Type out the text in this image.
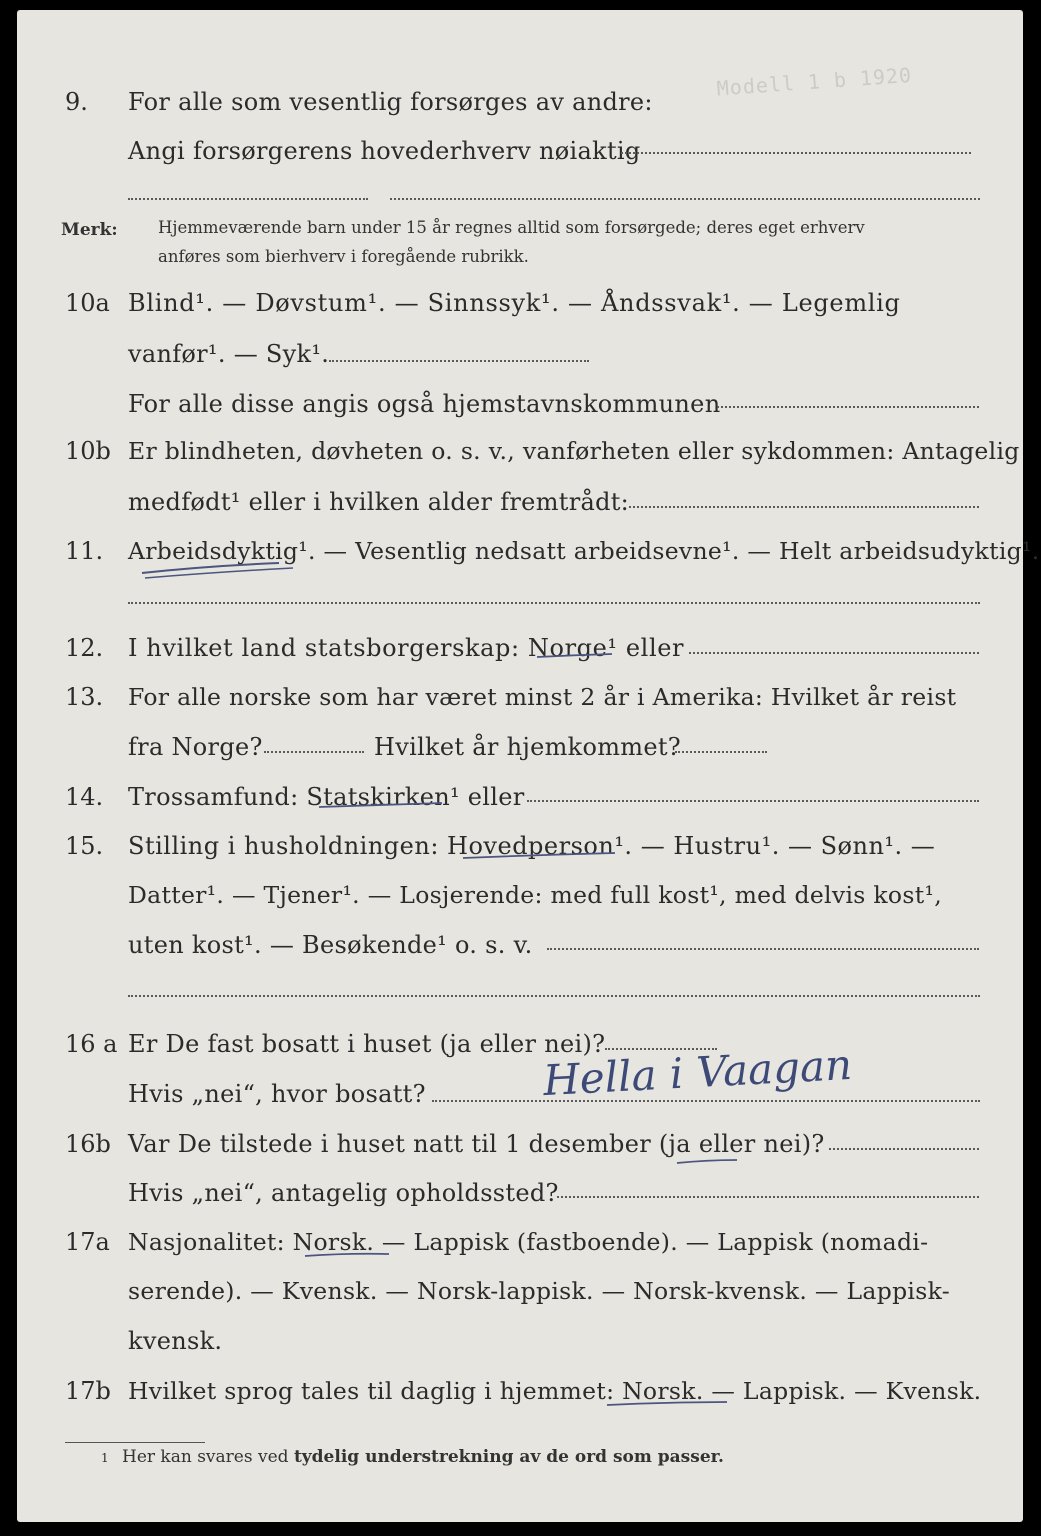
Modell 1 b 1920
9. For alle som vesentlig forsørges av andre:
Angi forsørgerens hovederhverv nøiaktig
Merk: Hjemmeværende barn under 15 år regnes alltid som forsørgede; deres eget erhverv
anføres som bierhverv i foregående rubrikk.
10a Blind¹. — Døvstum¹. — Sinnssyk¹. — Åndssvak¹. — Legemlig
vanfør¹. — Syk¹.
For alle disse angis også hjemstavnskommunen
10b Er blindheten, døvheten o. s. v., vanførheten eller sykdommen: Antagelig
medfødt¹ eller i hvilken alder fremtrådt:
11. Arbeidsdyktig¹. — Vesentlig nedsatt arbeidsevne¹. — Helt arbeidsudyktig¹.
12. I hvilket land statsborgerskap: Norge¹ eller
13. For alle norske som har været minst 2 år i Amerika: Hvilket år reist
fra Norge?	Hvilket år hjemkommet?
14. Trossamfund: Statskirken¹ eller
15. Stilling i husholdningen: Hovedperson¹. — Hustru¹. — Sønn¹. —
Datter¹. — Tjener¹. — Losjerende: med full kost¹, med delvis kost¹,
uten kost¹. — Besøkende¹ o. s. v.
16 a Er De fast bosatt i huset (ja eller nei)?
Hvis „nei“, hvor bosatt?	Hella i Vaagan
16b Var De tilstede i huset natt til 1 desember (ja eller nei)?
Hvis „nei“, antagelig opholdssted?
17a Nasjonalitet: Norsk. — Lappisk (fastboende). — Lappisk (nomadi-
serende). — Kvensk. — Norsk-lappisk. — Norsk-kvensk. — Lappisk-
kvensk.
17b Hvilket sprog tales til daglig i hjemmet: Norsk. — Lappisk. — Kvensk.
1 Her kan svares ved tydelig understrekning av de ord som passer.
